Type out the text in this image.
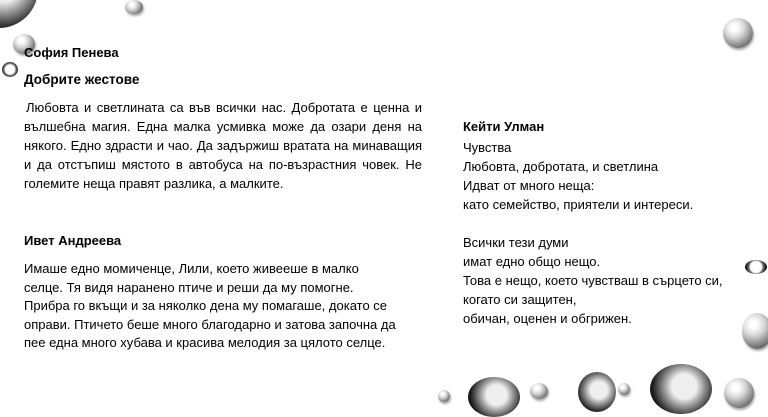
София Пенева

Добрите жестове

Любовта и светлината са във всички нас. Добротата е ценна и вълшебна магия. Една малка усмивка може да озари деня на някого. Едно здрасти и чао. Да задържиш вратата на минаващия и да отстъпиш мястото в автобуса на по-възрастния човек. Не големите неща правят разлика, а малките.

Ивет Андреева

Имаше едно момиченце, Лили, което живееше в малко

селце. Тя видя нараненo птиче и реши да му помогне.

Прибра го вкъщи и за няколко дена му помагаше, докато се

оправи. Птичето беше много благодарно и затова започна да

пее една много хубава и красива мелодия за цялото селце.

Кейти Улман

Чувства

Любовта, добротата, и светлина

Идват от много неща:

като семейство, приятели и интереси.

Всички тези думи

имат едно общо нещо.

Това е нещо, което чувстваш в сърцето си,

когато си защитен,

обичан, оценен и обгрижен.
